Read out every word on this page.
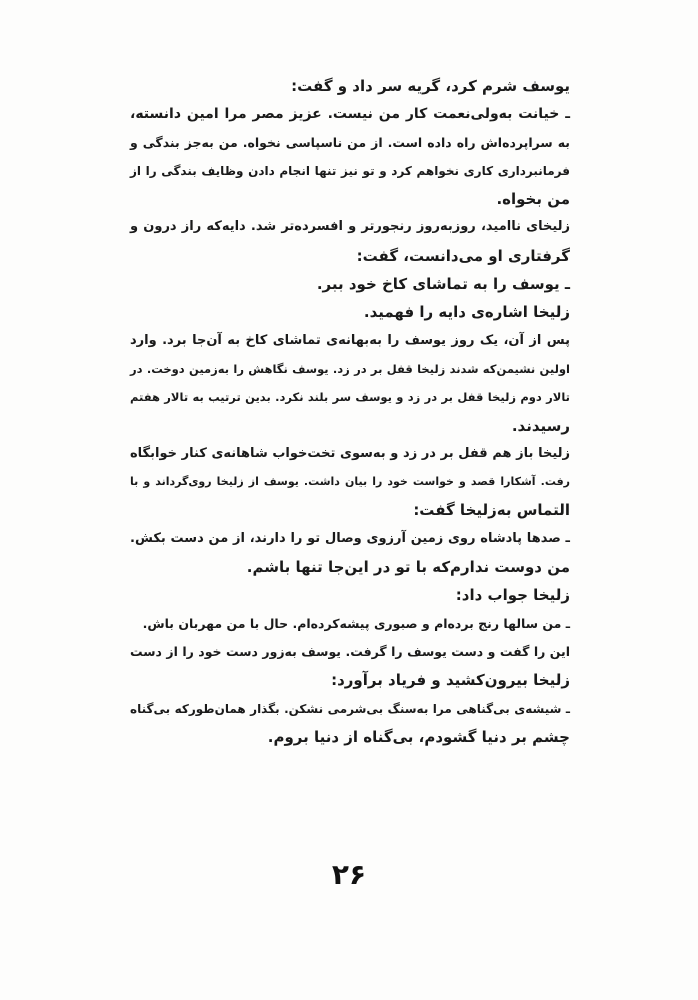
یوسف شرم کرد، گریه سر داد و گفت:
ـ خیانت به‌ولی‌نعمت کار من نیست. عزیز مصر مرا امین دانسته،
به سراپرده‌اش راه داده است. از من ناسپاسی نخواه. من به‌جز بندگی و
فرمانبرداری کاری نخواهم کرد و تو نیز تنها انجام دادن وظایف بندگی را از
من بخواه.
زلیخای ناامید، روزبه‌روز رنجورتر و افسرده‌تر شد. دایه‌که راز درون و
گرفتاری او می‌دانست، گفت:
ـ یوسف را به تماشای کاخ خود ببر.
زلیخا اشاره‌ی دایه را فهمید.
پس از آن، یک روز یوسف را به‌بهانه‌ی تماشای کاخ به آن‌جا برد. وارد
اولین نشیمن‌که شدند زلیخا قفل بر در زد. یوسف نگاهش را به‌زمین دوخت. در
تالار دوم زلیخا قفل بر در زد و یوسف سر بلند نکرد. بدین ترتیب به تالار هفتم
رسیدند.
زلیخا باز هم قفل بر در زد و به‌سوی تخت‌خواب شاهانه‌ی کنار خوابگاه
رفت. آشکارا قصد و خواست خود را بیان داشت. یوسف از زلیخا روی‌گرداند و با
التماس به‌زلیخا گفت:
ـ صدها پادشاه روی زمین آرزوی وصال تو را دارند، از من دست بکش.
من دوست ندارم‌که با تو در این‌جا تنها باشم.
زلیخا جواب داد:
ـ من سالها رنج برده‌ام و صبوری پیشه‌کرده‌ام. حال با من مهربان باش.
این را گفت و دست یوسف را گرفت. یوسف به‌زور دست خود را از دست
زلیخا بیرون‌کشید و فریاد برآورد:
ـ شیشه‌ی بی‌گناهی مرا به‌سنگ بی‌شرمی نشکن. بگذار همان‌طور‌که بی‌گناه
چشم بر دنیا گشودم، بی‌گناه از دنیا بروم.
۲۶
